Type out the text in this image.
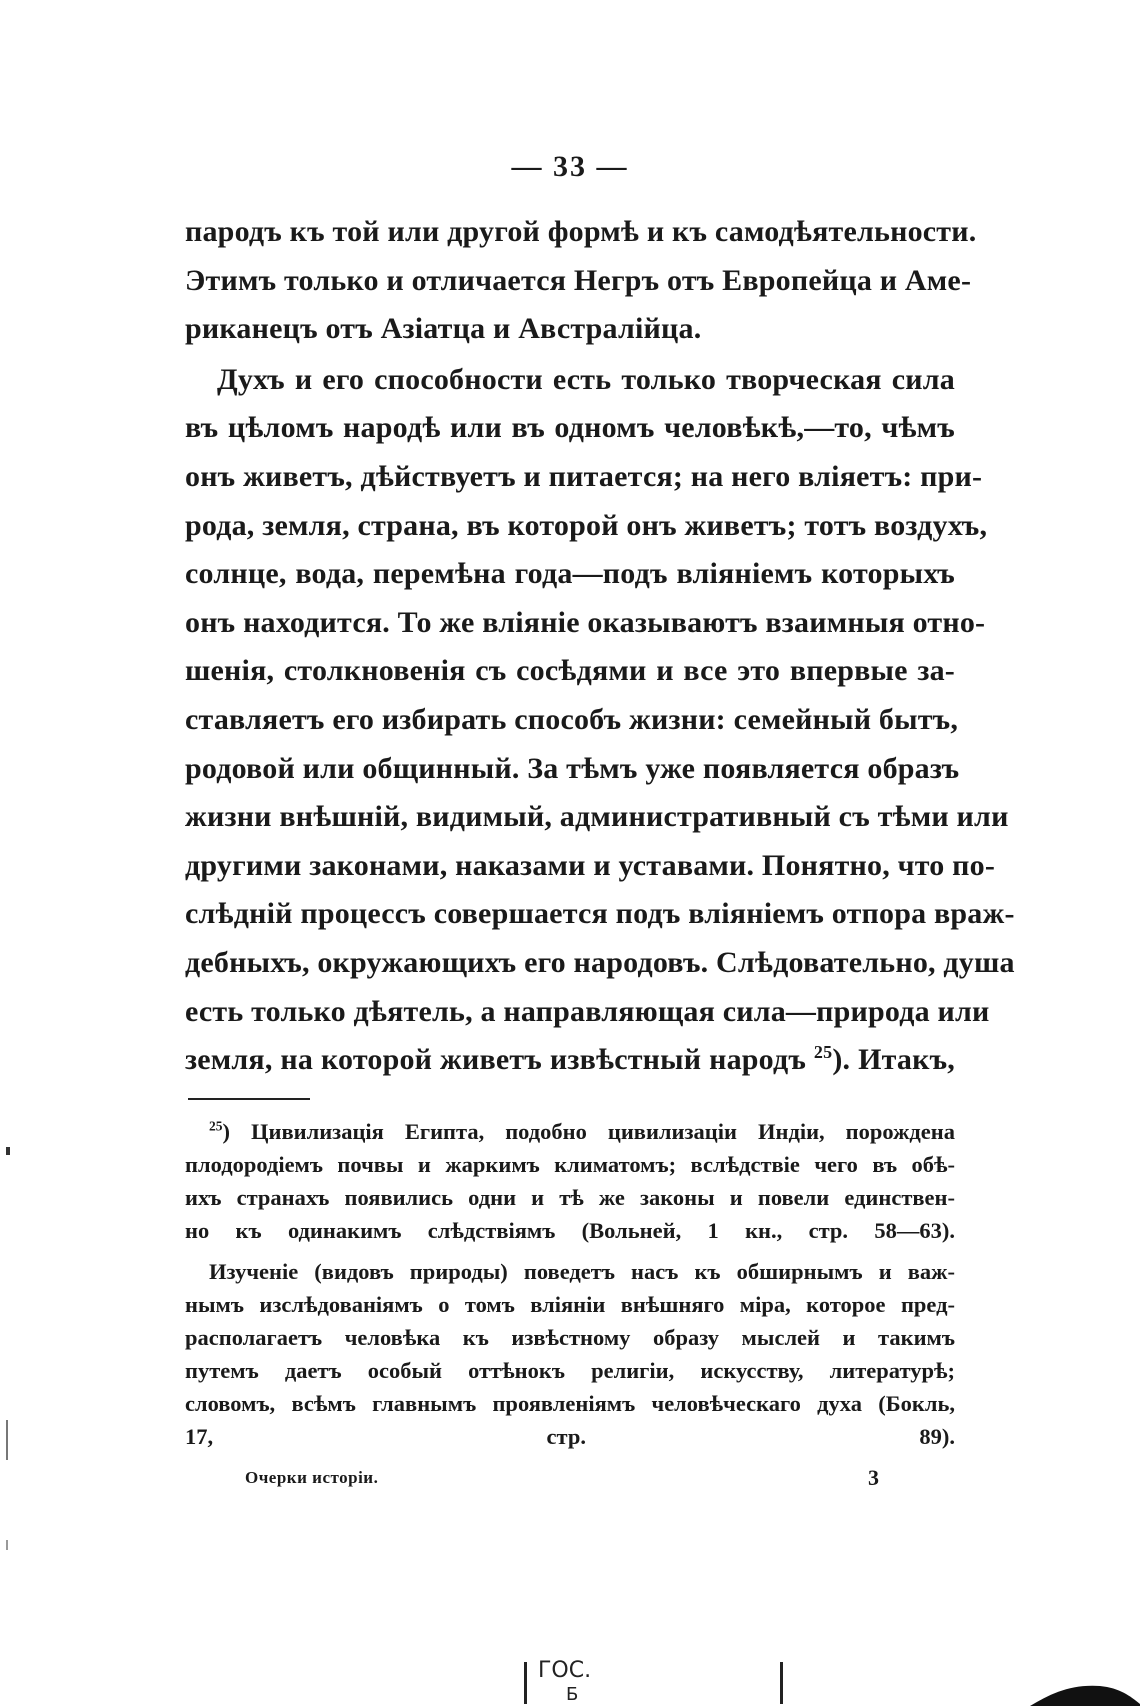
— 33 —
пародъ къ той или другой формѣ и къ самодѣятельности.
Этимъ только и отличается Негръ отъ Европейца и Аме-
риканецъ отъ Азіатца и Австралійца.
Духъ и его способности есть только творческая сила
въ цѣломъ народѣ или въ одномъ человѣкѣ,—то, чѣмъ
онъ живетъ, дѣйствуетъ и питается; на него вліяетъ: при-
рода, земля, страна, въ которой онъ живетъ; тотъ воздухъ,
солнце, вода, перемѣна года—подъ вліяніемъ которыхъ
онъ находится. То же вліяніе оказываютъ взаимныя отно-
шенія, столкновенія съ сосѣдями и все это впервые за-
ставляетъ его избирать способъ жизни: семейный бытъ,
родовой или общинный. За тѣмъ уже появляется образъ
жизни внѣшній, видимый, административный съ тѣми или
другими законами, наказами и уставами. Понятно, что по-
слѣдній процессъ совершается подъ вліяніемъ отпора враж-
дебныхъ, окружающихъ его народовъ. Слѣдовательно, душа
есть только дѣятель, а направляющая сила—природа или
земля, на которой живетъ извѣстный народъ $^{25}$). Итакъ,
$^{25}$) Цивилизація Египта, подобно цивилизаціи Индіи, порождена
плодородіемъ почвы и жаркимъ климатомъ; вслѣдствіе чего въ обѣ-
ихъ странахъ появились одни и тѣ же законы и повели единствен-
но къ одинакимъ слѣдствіямъ (Вольней, 1 кн., стр. 58—63).
Изученіе (видовъ природы) поведетъ насъ къ обширнымъ и важ-
нымъ изслѣдованіямъ о томъ вліяніи внѣшняго міра, которое пред-
располагаетъ человѣка къ извѣстному образу мыслей и такимъ
путемъ даетъ особый оттѣнокъ религіи, искусству, литературѣ;
словомъ, всѣмъ главнымъ проявленіямъ человѣческаго духа (Бокль,
17, стр. 89).
Очерки исторіи.	3
ГОС.
Б
